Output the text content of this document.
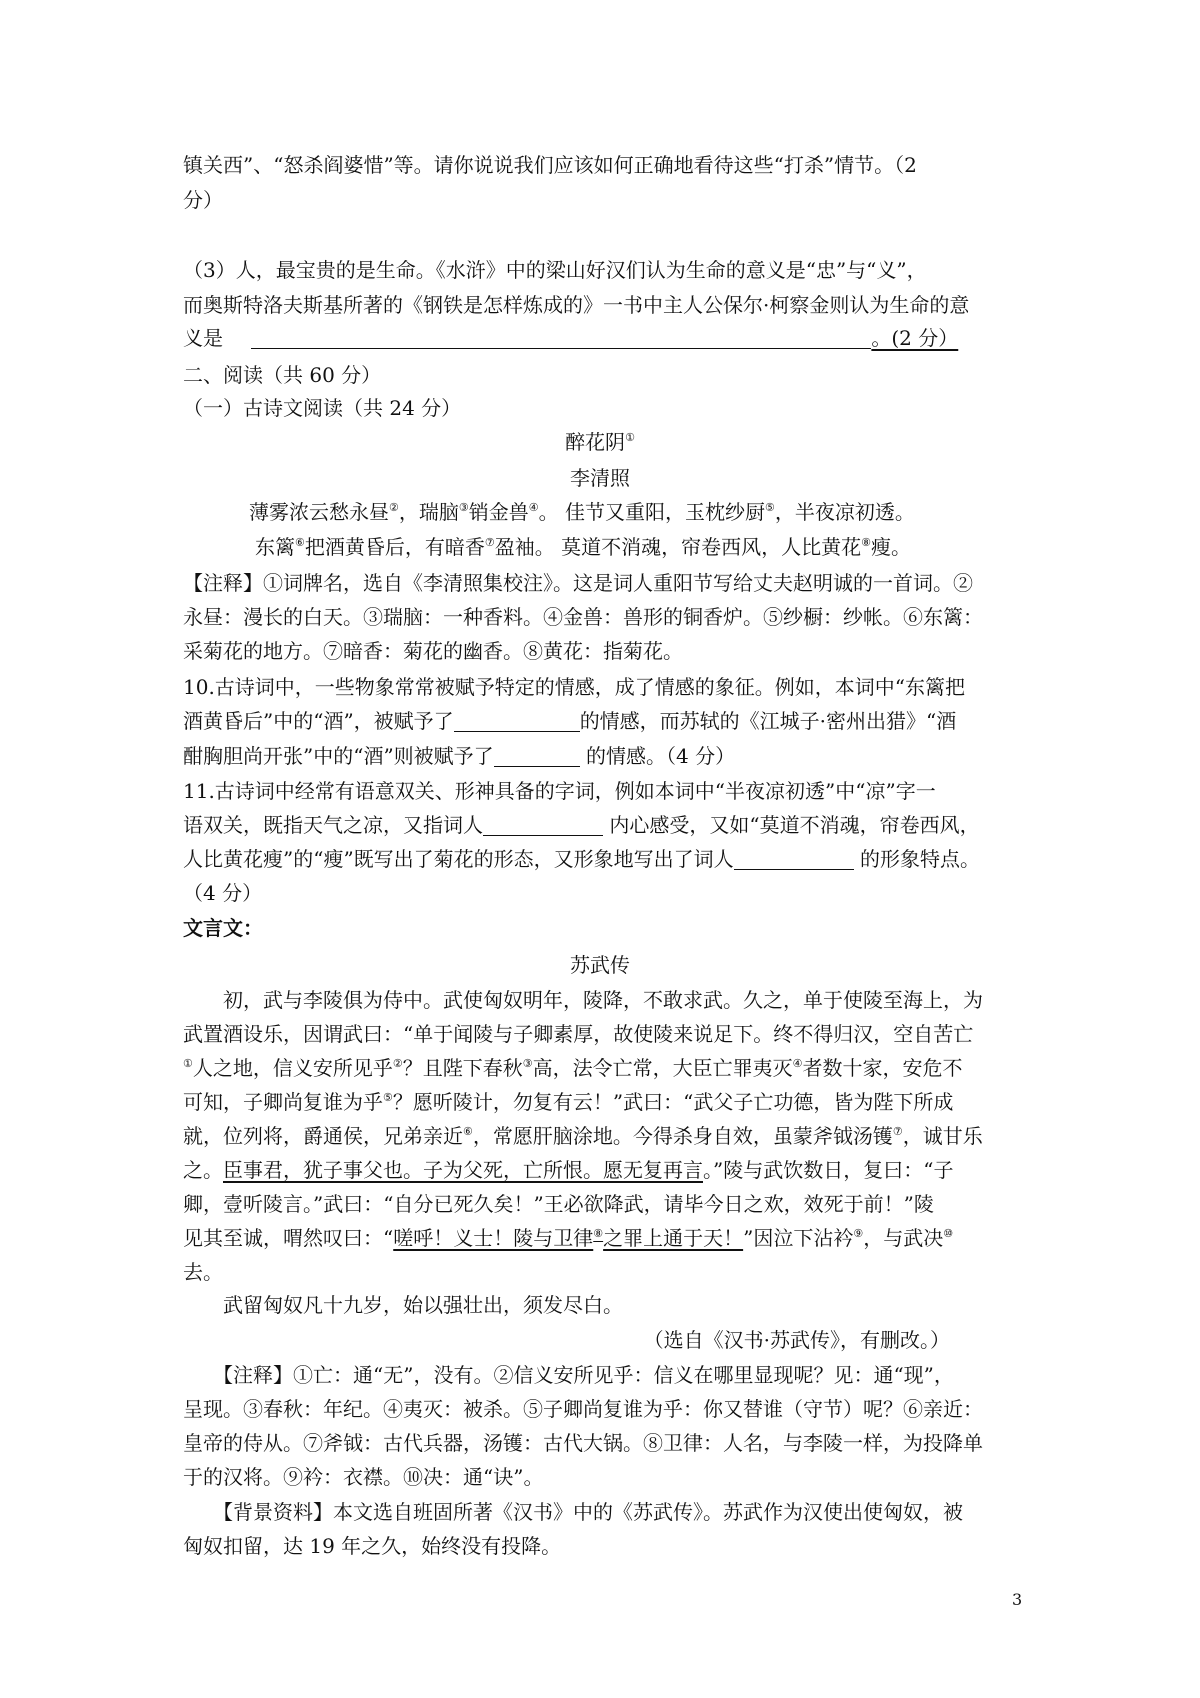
镇关西”、“怒杀阎婆惜”等。请你说说我们应该如何正确地看待这些“打杀”情节。（2
分）
（3）人，最宝贵的是生命。《水浒》中的梁山好汉们认为生命的意义是“忠”与“义”，
而奥斯特洛夫斯基所著的《钢铁是怎样炼成的》一书中主人公保尔·柯察金则认为生命的意
义是	。(2 分）
二、阅读（共 60 分）
（一）古诗文阅读（共 24 分）
醉花阴①
李清照
薄雾浓云愁永昼②，瑞脑③销金兽④。 佳节又重阳，玉枕纱厨⑤，半夜凉初透。
东篱⑥把酒黄昏后，有暗香⑦盈袖。 莫道不消魂，帘卷西风，人比黄花⑧瘦。
【注释】①词牌名，选自《李清照集校注》。这是词人重阳节写给丈夫赵明诚的一首词。②
永昼：漫长的白天。③瑞脑：一种香料。④金兽：兽形的铜香炉。⑤纱橱：纱帐。⑥东篱：
采菊花的地方。⑦暗香：菊花的幽香。⑧黄花：指菊花。
10.古诗词中，一些物象常常被赋予特定的情感，成了情感的象征。例如，本词中“东篱把
酒黄昏后”中的“酒”，被赋予了	的情感，而苏轼的《江城子·密州出猎》“酒
酣胸胆尚开张”中的“酒”则被赋予了	的情感。（4 分）
11.古诗词中经常有语意双关、形神具备的字词，例如本词中“半夜凉初透”中“凉”字一
语双关，既指天气之凉，又指词人	内心感受，又如“莫道不消魂，帘卷西风，
人比黄花瘦”的“瘦”既写出了菊花的形态，又形象地写出了词人	的形象特点。
（4 分）
文言文：
苏武传
　　初，武与李陵俱为侍中。武使匈奴明年，陵降，不敢求武。久之，单于使陵至海上，为
武置酒设乐，因谓武曰：“单于闻陵与子卿素厚，故使陵来说足下。终不得归汉，空自苦亡
①人之地，信义安所见乎②？且陛下春秋③高，法令亡常，大臣亡罪夷灭④者数十家，安危不
可知，子卿尚复谁为乎⑤？愿听陵计，勿复有云！”武曰：“武父子亡功德，皆为陛下所成
就，位列将，爵通侯，兄弟亲近⑥，常愿肝脑涂地。今得杀身自效，虽蒙斧钺汤镬⑦，诚甘乐
之。臣事君，犹子事父也。子为父死，亡所恨。愿无复再言。”陵与武饮数日，复曰：“子
卿，壹听陵言。”武曰：“自分已死久矣！”王必欲降武，请毕今日之欢，效死于前！”陵
见其至诚，喟然叹曰：“嗟呼！义士！陵与卫律⑧之罪上通于天！”因泣下沾衿⑨，与武决⑩
去。
　　武留匈奴凡十九岁，始以强壮出，须发尽白。
（选自《汉书·苏武传》，有删改。）
　　【注释】①亡：通“无”，没有。②信义安所见乎：信义在哪里显现呢？见：通“现”，
呈现。③春秋：年纪。④夷灭：被杀。⑤子卿尚复谁为乎：你又替谁（守节）呢？⑥亲近：
皇帝的侍从。⑦斧钺：古代兵器，汤镬：古代大锅。⑧卫律：人名，与李陵一样，为投降单
于的汉将。⑨衿：衣襟。⑩决：通“诀”。
　　【背景资料】本文选自班固所著《汉书》中的《苏武传》。苏武作为汉使出使匈奴，被
匈奴扣留，达 19 年之久，始终没有投降。
3
